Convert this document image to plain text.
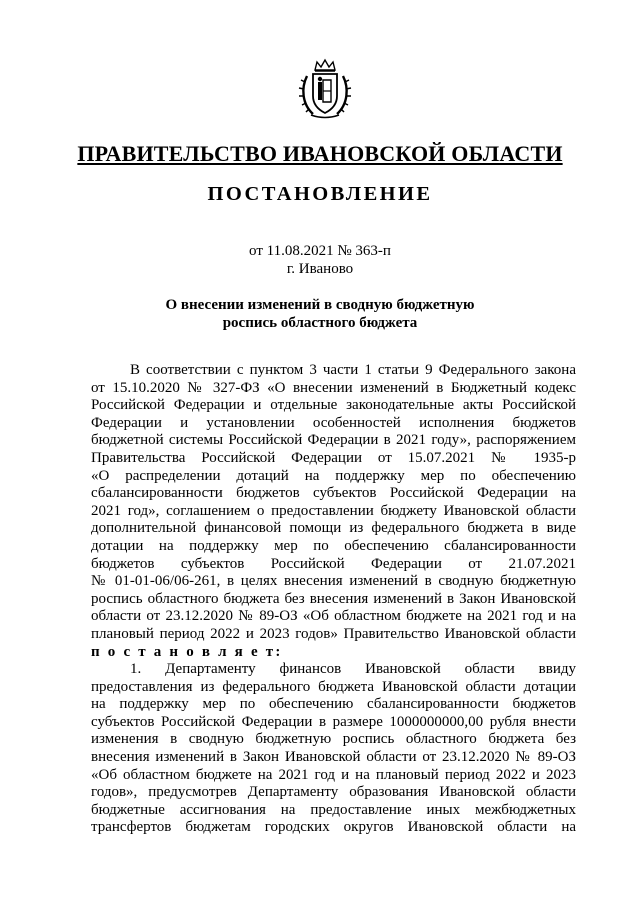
ПРАВИТЕЛЬСТВО ИВАНОВСКОЙ ОБЛАСТИ
ПОСТАНОВЛЕНИЕ
от 11.08.2021 № 363-п
г. Иваново
О внесении изменений в сводную бюджетную
роспись областного бюджета
В соответствии с пунктом 3 части 1 статьи 9 Федерального закона
от 15.10.2020 № 327-ФЗ «О внесении изменений в Бюджетный кодекс
Российской Федерации и отдельные законодательные акты Российской
Федерации и установлении особенностей исполнения бюджетов
бюджетной системы Российской Федерации в 2021 году», распоряжением
Правительства Российской Федерации от 15.07.2021 № 1935-р
«О распределении дотаций на поддержку мер по обеспечению
сбалансированности бюджетов субъектов Российской Федерации на
2021 год», соглашением о предоставлении бюджету Ивановской области
дополнительной финансовой помощи из федерального бюджета в виде
дотации на поддержку мер по обеспечению сбалансированности
бюджетов субъектов Российской Федерации от 21.07.2021
№ 01-01-06/06-261, в целях внесения изменений в сводную бюджетную
роспись областного бюджета без внесения изменений в Закон Ивановской
области от 23.12.2020 № 89-ОЗ «Об областном бюджете на 2021 год и на
плановый период 2022 и 2023 годов» Правительство Ивановской области
п о с т а н о в л я е т:
1. Департаменту финансов Ивановской области ввиду
предоставления из федерального бюджета Ивановской области дотации
на поддержку мер по обеспечению сбалансированности бюджетов
субъектов Российской Федерации в размере 1000000000,00 рубля внести
изменения в сводную бюджетную роспись областного бюджета без
внесения изменений в Закон Ивановской области от 23.12.2020 № 89-ОЗ
«Об областном бюджете на 2021 год и на плановый период 2022 и 2023
годов», предусмотрев Департаменту образования Ивановской области
бюджетные ассигнования на предоставление иных межбюджетных
трансфертов бюджетам городских округов Ивановской области на
